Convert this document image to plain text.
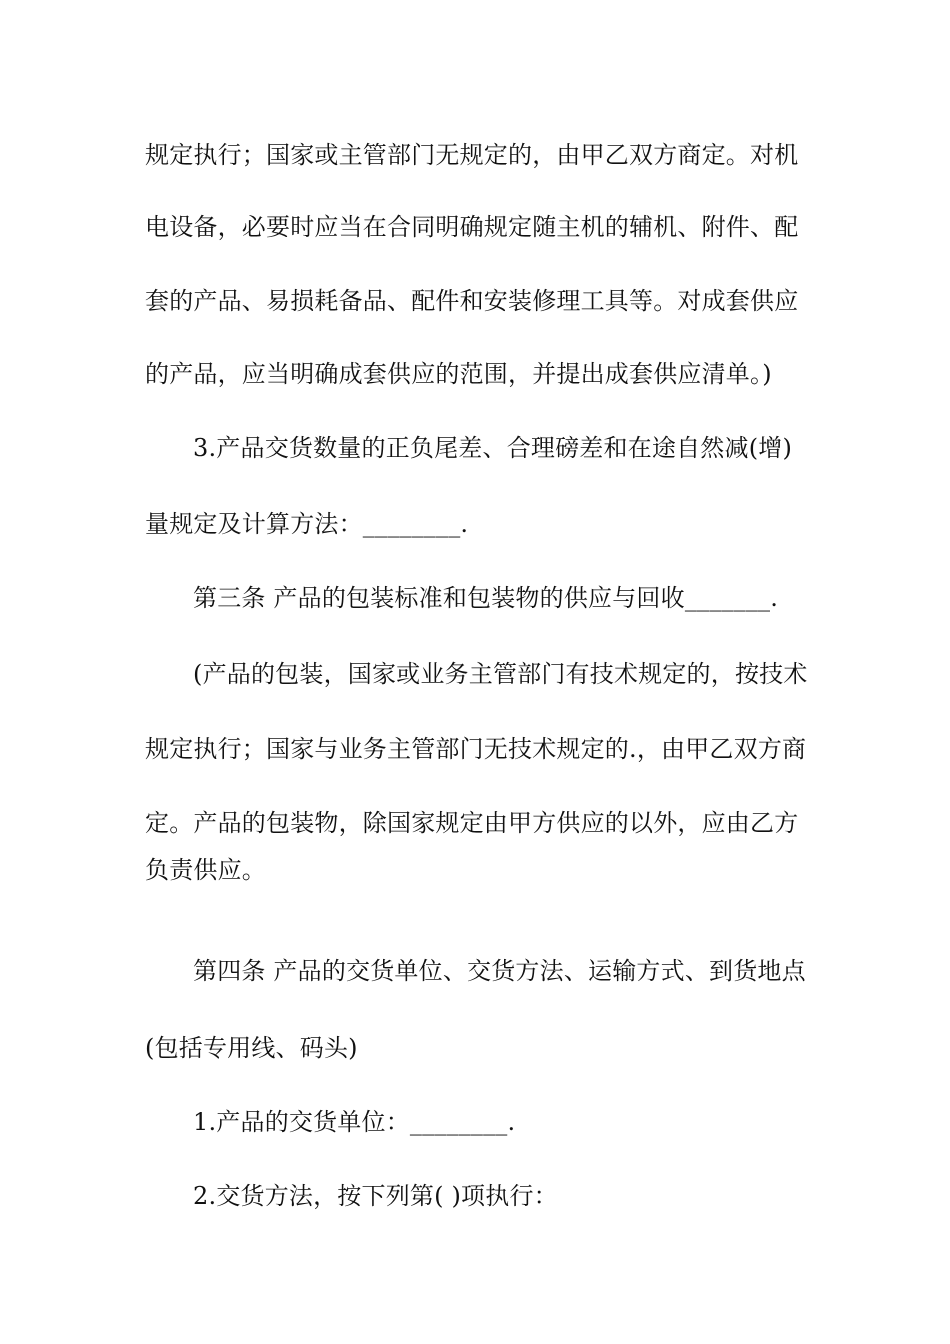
规定执行；国家或主管部门无规定的，由甲乙双方商定。对机
电设备，必要时应当在合同明确规定随主机的辅机、附件、配
套的产品、易损耗备品、配件和安装修理工具等。对成套供应
的产品，应当明确成套供应的范围，并提出成套供应清单。)
3.产品交货数量的正负尾差、合理磅差和在途自然减(增)
量规定及计算方法：________.
第三条 产品的包装标准和包装物的供应与回收_______.
(产品的包装，国家或业务主管部门有技术规定的，按技术
规定执行；国家与业务主管部门无技术规定的.，由甲乙双方商
定。产品的包装物，除国家规定由甲方供应的以外，应由乙方
负责供应。
第四条 产品的交货单位、交货方法、运输方式、到货地点
(包括专用线、码头)
1.产品的交货单位：________.
2.交货方法，按下列第( )项执行：
